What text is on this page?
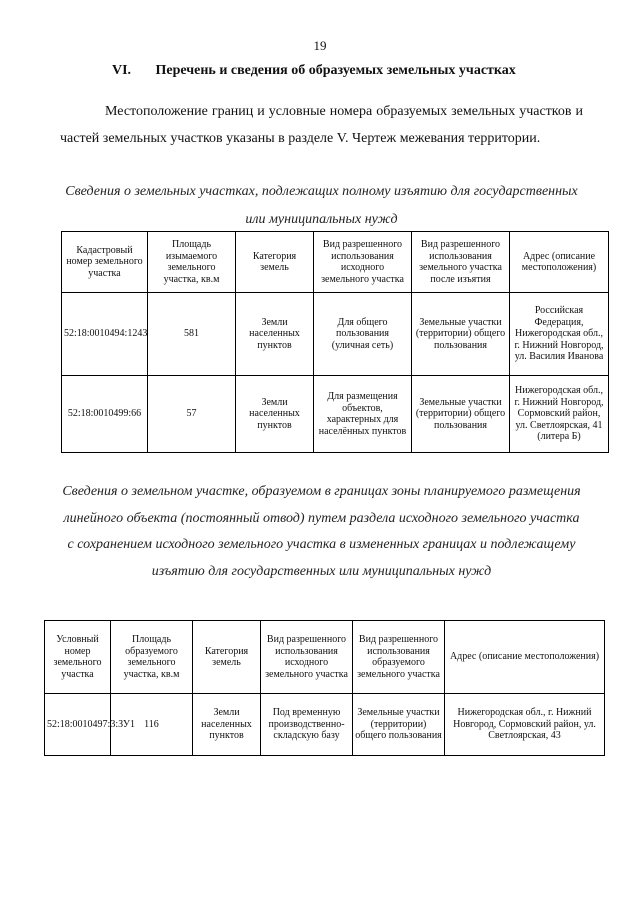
19
VI. Перечень и сведения об образуемых земельных участках

Местоположение границ и условные номера образуемых земельных участков и частей земельных участков указаны в разделе V. Чертеж межевания территории.

Сведения о земельных участках, подлежащих полному изъятию для государственных или муниципальных нужд

Кадастровый номер земельного участка	Площадь изымаемого земельного участка, кв.м	Категория земель	Вид разрешенного использования исходного земельного участка	Вид разрешенного использования земельного участка после изъятия	Адрес (описание местоположения)
52:18:0010494:1243	581	Земли населенных пунктов	Для общего пользования (уличная сеть)	Земельные участки (территории) общего пользования	Российская Федерация, Нижегородская обл., г. Нижний Новгород, ул. Василия Иванова
52:18:0010499:66	57	Земли населенных пунктов	Для размещения объектов, характерных для населённых пунктов	Земельные участки (территории) общего пользования	Нижегородская обл., г. Нижний Новгород, Сормовский район, ул. Светлоярская, 41 (литера Б)

Сведения о земельном участке, образуемом в границах зоны планируемого размещения линейного объекта (постоянный отвод) путем раздела исходного земельного участка с сохранением исходного земельного участка в измененных границах и подлежащему изъятию для государственных или муниципальных нужд

Условный номер земельного участка	Площадь образуемого земельного участка, кв.м	Категория земель	Вид разрешенного использования исходного земельного участка	Вид разрешенного использования образуемого земельного участка	Адрес (описание местоположения)
52:18:0010497:3:ЗУ1	116	Земли населенных пунктов	Под временную производственно-складскую базу	Земельные участки (территории) общего пользования	Нижегородская обл., г. Нижний Новгород, Сормовский район, ул. Светлоярская, 43
